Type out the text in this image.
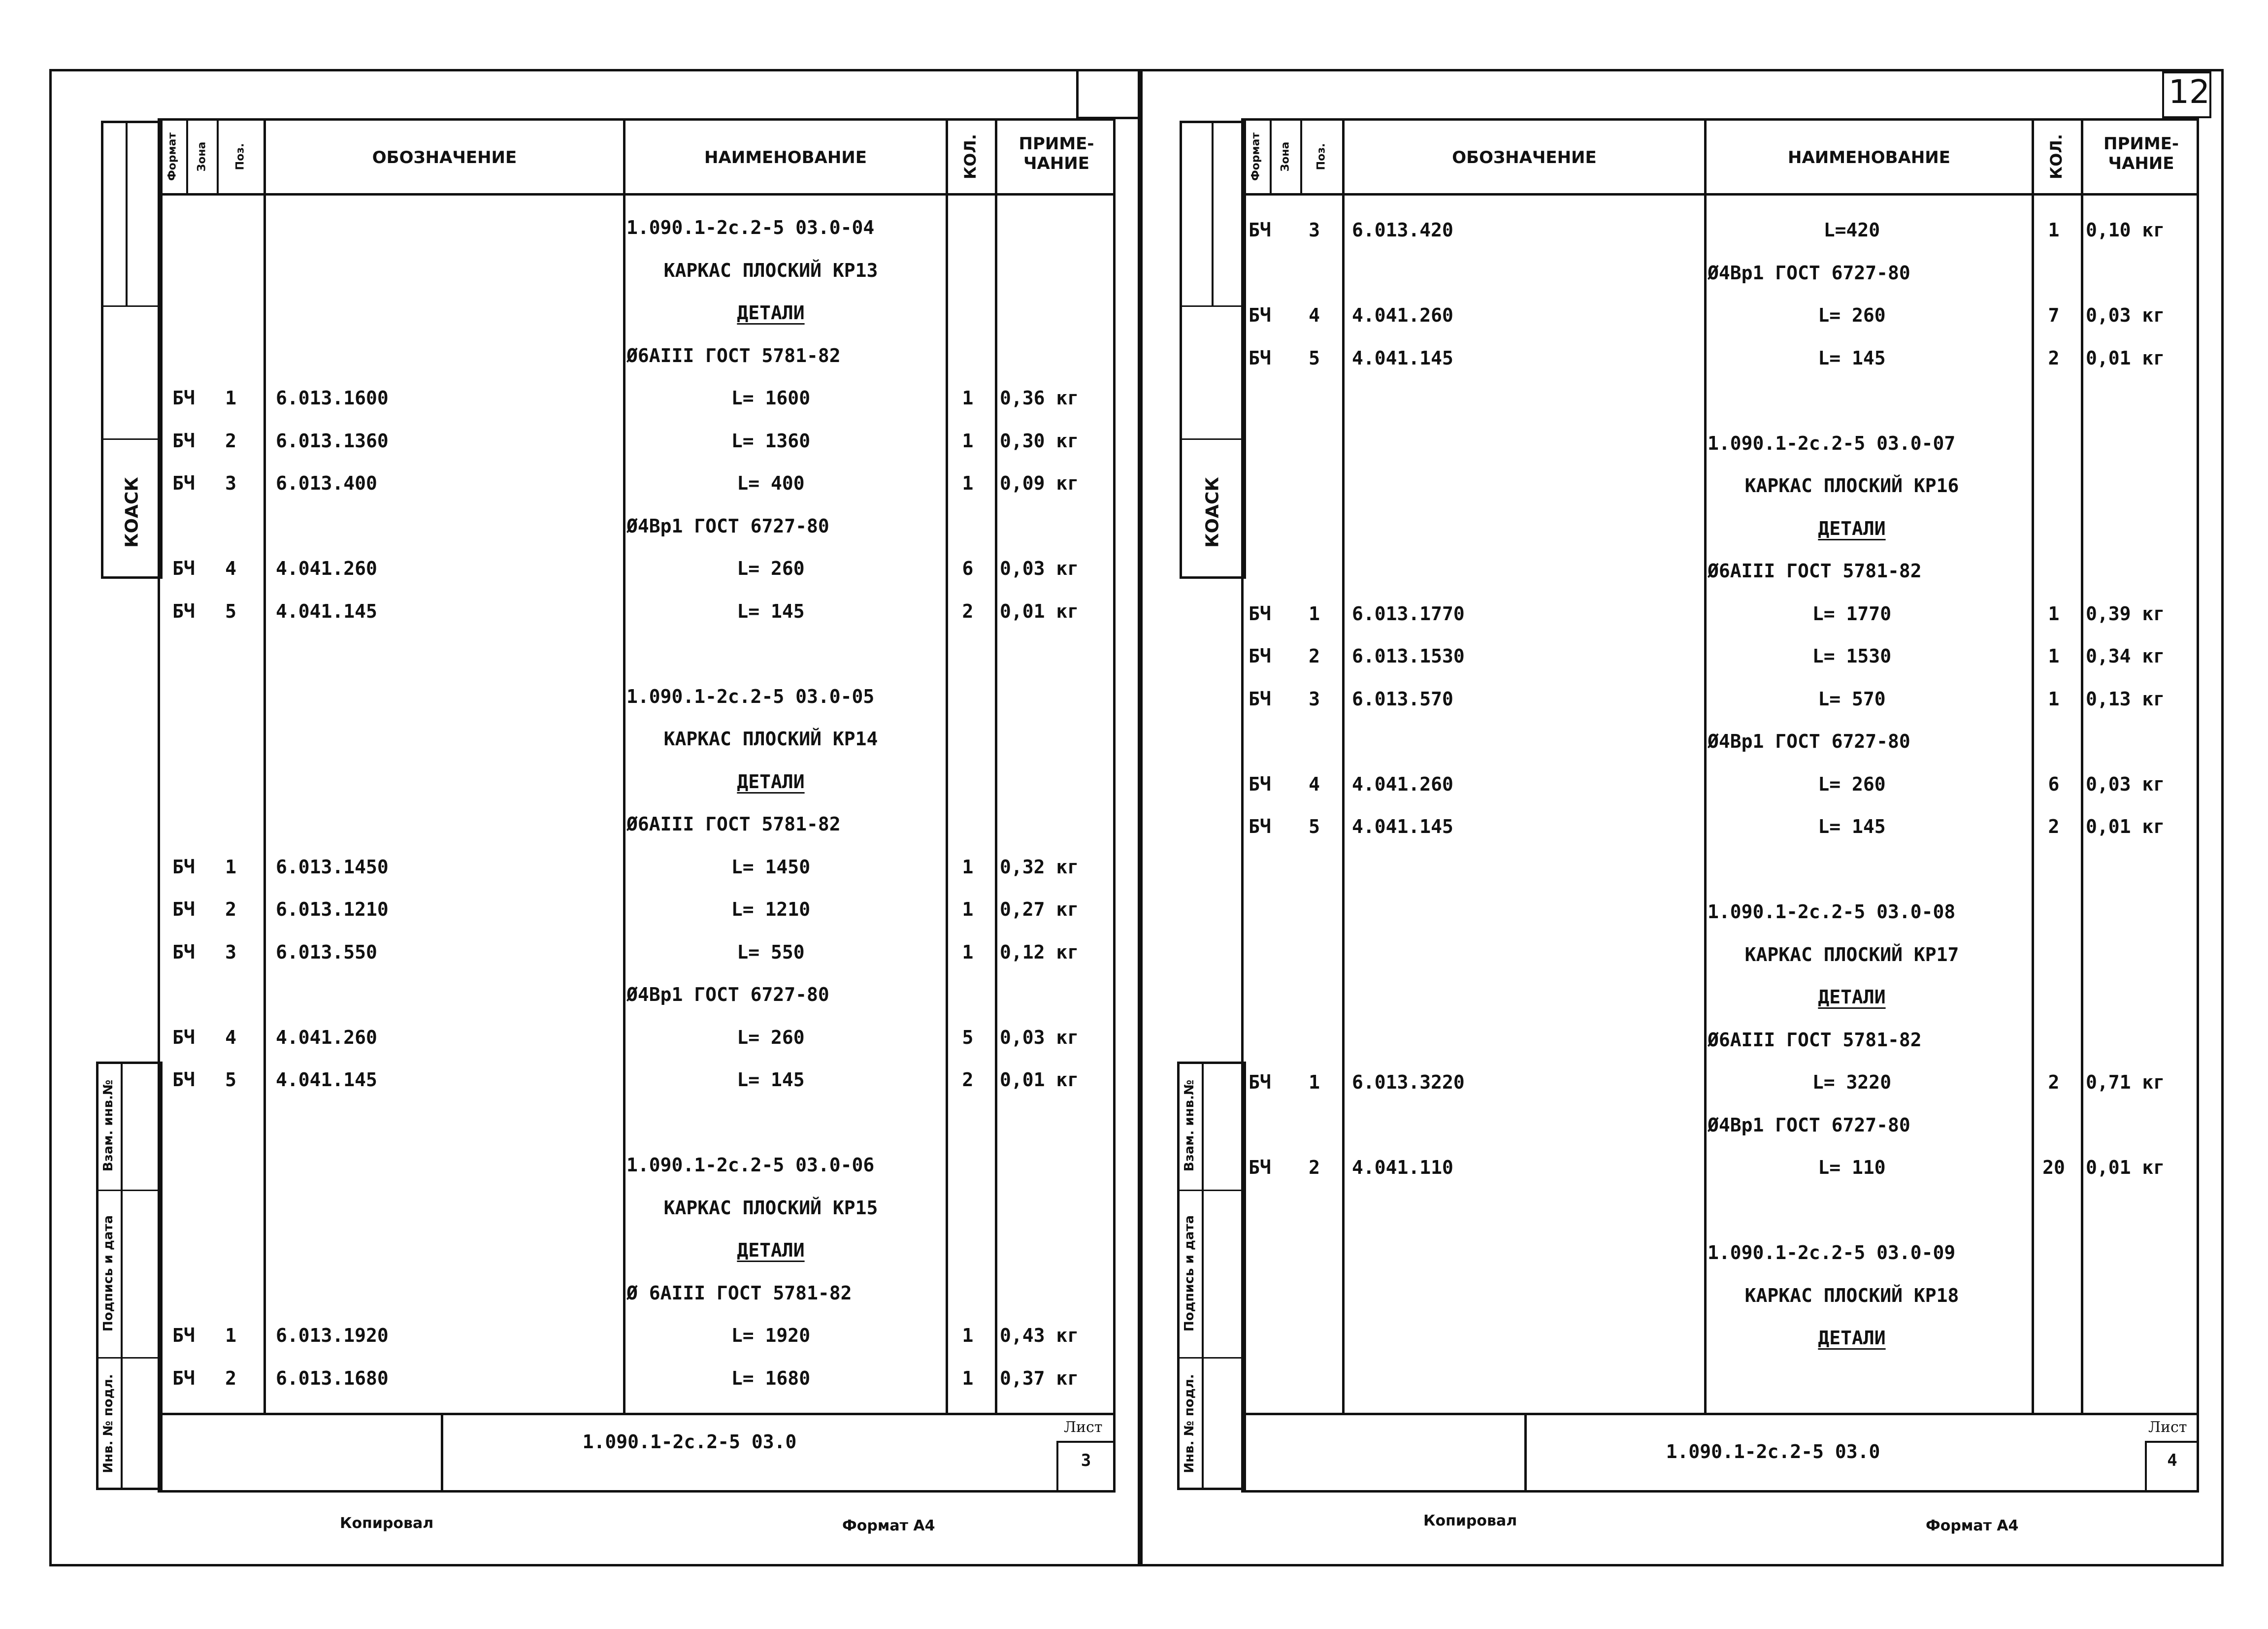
12
КОАСК
Взам. инв.№
Подпись и дата
Инв. № подл.
Формат Зона Поз.	ОБОЗНАЧЕНИЕ	НАИМЕНОВАНИЕ	КОЛ.	ПРИМЕ-
ЧАНИЕ
1.090.1-2с.2-5 03.0-04
КАРКАС ПЛОСКИЙ КР13
ДЕТАЛИ
Ø6АIII ГОСТ 5781-82
БЧ	1 6.013.1600	L= 1600	1	0,36 кг
БЧ	2 6.013.1360	L= 1360	1	0,30 кг
БЧ	3 6.013.400	L= 400	1	0,09 кг
Ø4Вр1 ГОСТ 6727-80
БЧ	4 4.041.260	L= 260	6	0,03 кг
БЧ	5 4.041.145	L= 145	2	0,01 кг
1.090.1-2с.2-5 03.0-05
КАРКАС ПЛОСКИЙ КР14
ДЕТАЛИ
Ø6АIII ГОСТ 5781-82
БЧ	1 6.013.1450	L= 1450	1	0,32 кг
БЧ	2 6.013.1210	L= 1210	1	0,27 кг
БЧ	3 6.013.550	L= 550	1	0,12 кг
Ø4Вр1 ГОСТ 6727-80
БЧ	4 4.041.260	L= 260	5	0,03 кг
БЧ	5 4.041.145	L= 145	2	0,01 кг
1.090.1-2с.2-5 03.0-06
КАРКАС ПЛОСКИЙ КР15
ДЕТАЛИ
Ø 6АIII ГОСТ 5781-82
БЧ	1 6.013.1920	L= 1920	1	0,43 кг
БЧ	2 6.013.1680	L= 1680	1	0,37 кг
1.090.1-2с.2-5 03.0
Лист
3
Копировал	Формат А4
КОАСК
Взам. инв.№
Подпись и дата
Инв. № подл.
Формат Зона Поз.	ОБОЗНАЧЕНИЕ	НАИМЕНОВАНИЕ	КОЛ.	ПРИМЕ-
ЧАНИЕ
БЧ	3 6.013.420	L=420	1	0,10 кг
Ø4Вр1 ГОСТ 6727-80
БЧ	4 4.041.260	L= 260	7	0,03 кг
БЧ	5 4.041.145	L= 145	2	0,01 кг
1.090.1-2с.2-5 03.0-07
КАРКАС ПЛОСКИЙ КР16
ДЕТАЛИ
Ø6АIII ГОСТ 5781-82
БЧ	1 6.013.1770	L= 1770	1	0,39 кг
БЧ	2 6.013.1530	L= 1530	1	0,34 кг
БЧ	3 6.013.570	L= 570	1	0,13 кг
Ø4Вр1 ГОСТ 6727-80
БЧ	4 4.041.260	L= 260	6	0,03 кг
БЧ	5 4.041.145	L= 145	2	0,01 кг
1.090.1-2с.2-5 03.0-08
КАРКАС ПЛОСКИЙ КР17
ДЕТАЛИ
Ø6АIII ГОСТ 5781-82
БЧ	1 6.013.3220	L= 3220	2	0,71 кг
Ø4Вр1 ГОСТ 6727-80
БЧ	2 4.041.110	L= 110	20	0,01 кг
1.090.1-2с.2-5 03.0-09
КАРКАС ПЛОСКИЙ КР18
ДЕТАЛИ
1.090.1-2с.2-5 03.0
Лист
4
Копировал	Формат А4
